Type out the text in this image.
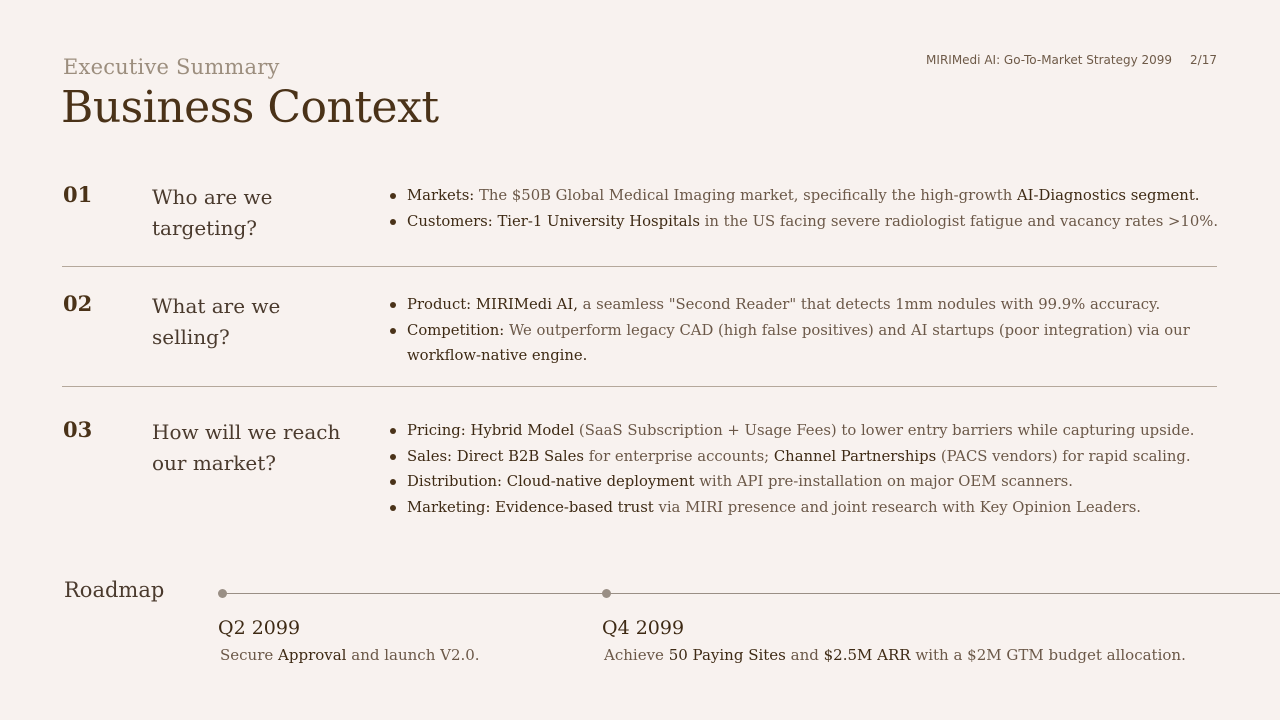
Executive Summary
Business Context
MIRIMedi AI: Go-To-Market Strategy 2099 2/17
01	Who are we
targeting?
Markets: The $50B Global Medical Imaging market, specifically the high-growth AI-Diagnostics segment.
Customers: Tier-1 University Hospitals in the US facing severe radiologist fatigue and vacancy rates >10%.
02	What are we
selling?
Product: MIRIMedi AI, a seamless "Second Reader" that detects 1mm nodules with 99.9% accuracy.
Competition: We outperform legacy CAD (high false positives) and AI startups (poor integration) via our workflow-native engine.
03	How will we reach
our market?
Pricing: Hybrid Model (SaaS Subscription + Usage Fees) to lower entry barriers while capturing upside.
Sales: Direct B2B Sales for enterprise accounts; Channel Partnerships (PACS vendors) for rapid scaling.
Distribution: Cloud-native deployment with API pre-installation on major OEM scanners.
Marketing: Evidence-based trust via MIRI presence and joint research with Key Opinion Leaders.
Roadmap
Q2 2099
Secure Approval and launch V2.0.
Q4 2099
Achieve 50 Paying Sites and $2.5M ARR with a $2M GTM budget allocation.
